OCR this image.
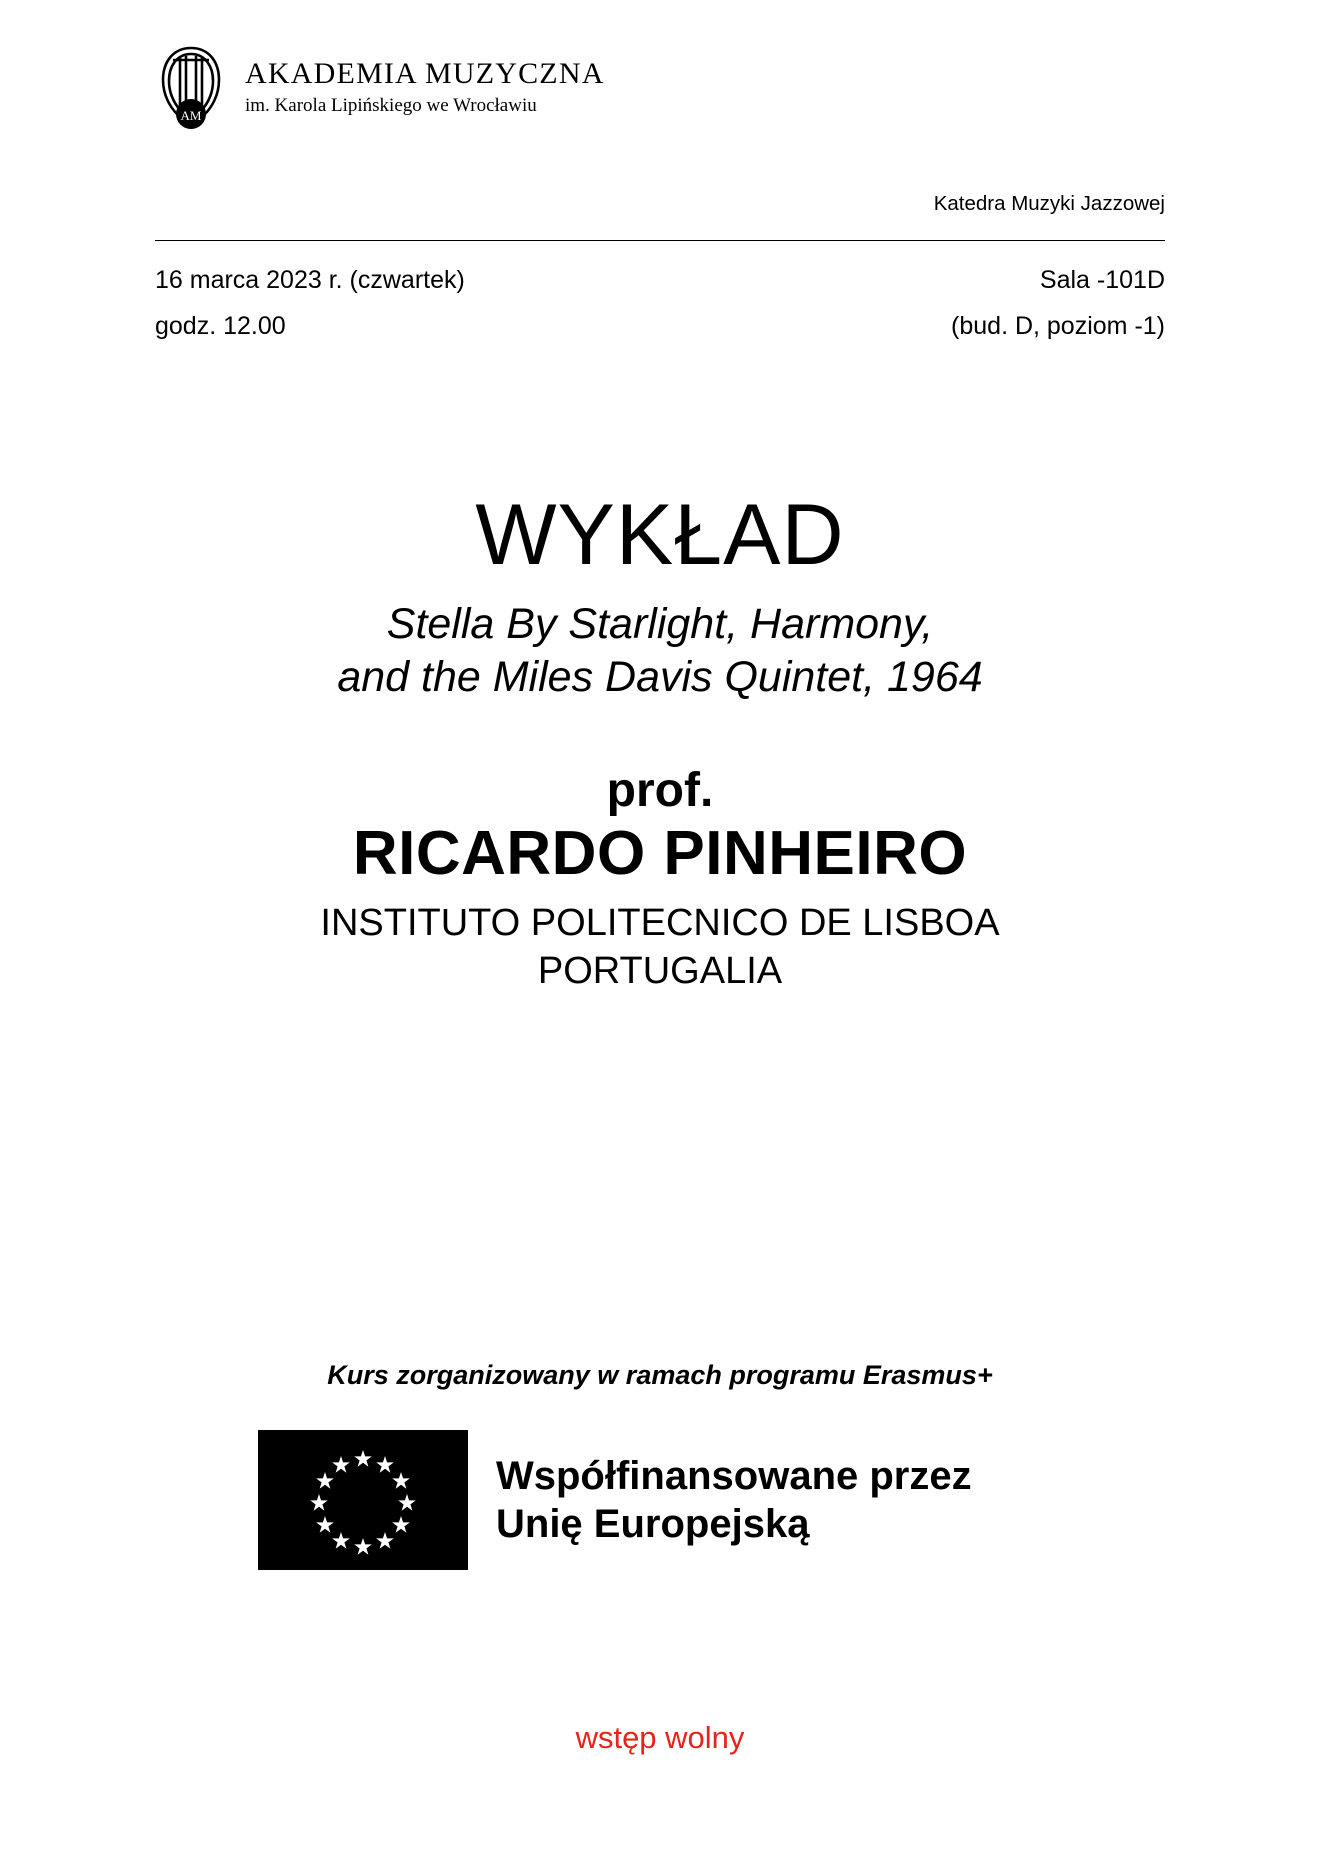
AM
AKADEMIA MUZYCZNA
im. Karola Lipińskiego we Wrocławiu
Katedra Muzyki Jazzowej
16 marca 2023 r. (czwartek)	Sala -101D
godz. 12.00	(bud. D, poziom -1)
WYKŁAD
Stella By Starlight, Harmony,
and the Miles Davis Quintet, 1964
prof.
RICARDO PINHEIRO
INSTITUTO POLITECNICO DE LISBOA
PORTUGALIA
Kurs zorganizowany w ramach programu Erasmus+
Współfinansowane przez
Unię Europejską
wstęp wolny
